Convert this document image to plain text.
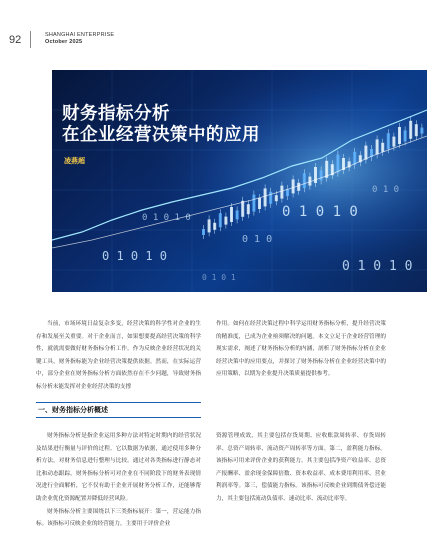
92	SHANGHAI ENTERPRISE
October 2025
0 1 0 1 0
0 1 0 1 0
0 1 0
0 1 0 1 0
0 1 0 1 0
0 1 0
0 1 0 1
财务指标分析
在企业经营决策中的应用
凌燕超

当前，市场环境日益复杂多变，经营决策的科学性对企业的生存和发展至关重要。对于企业而言，如果想要提高经营决策的科学性，就就需要做好财务指标分析工作。作为反映企业经营状况的关键工具，财务指标能为企业经营决策提供依据。然而，在实际运营中，部分企业在财务指标分析方面依然存在不少问题，导致财务指标分析未能发挥对企业经营决策的支撑

作用。如何在经营决策过程中科学运用财务指标分析，提升经营决策的精准度，已成为企业亟须解决的问题。本文立足于企业经营管理的现实需求，阐述了财务指标分析的内涵，剖析了财务指标分析在企业经营决策中的应用要点，并探讨了财务指标分析在企业经营决策中的应用策略，以期为企业提升决策质量提供参考。

一、财务指标分析概述

财务指标分析是指企业运用多种方法对特定时期内的经营状况及结果进行衡量与评价的过程。它以数据为依据，通过使用多种分析方法，对财务信息进行整理与比较。通过对各类指标进行静态对比和动态跟踪，财务指标分析可对企业在不同阶段下的财务表现情况进行全面解析，它不仅有助于企业开展财务分析工作，还能够帮助企业优化资源配置并降低经营风险。

财务指标分析主要围绕以下三类指标展开：第一，营运能力指标。该指标可反映企业的经营能力。主要用于评价企业

资源管理成效，其主要包括存货周期、应收账款周转率、存货周转率、总资产周转率、流动资产周转率等方面。第二，盈利能力指标。该指标可用来评价企业的获利能力。其主要包括净资产收益率、总资产报酬率、盈余现金保障倍数、资本收益率、成本费用利用率、营业利润率等。第三，偿债能力指标。该指标可反映企业到期债务偿还能力，其主要包括流动负债率、速动比率、流动比率等。
